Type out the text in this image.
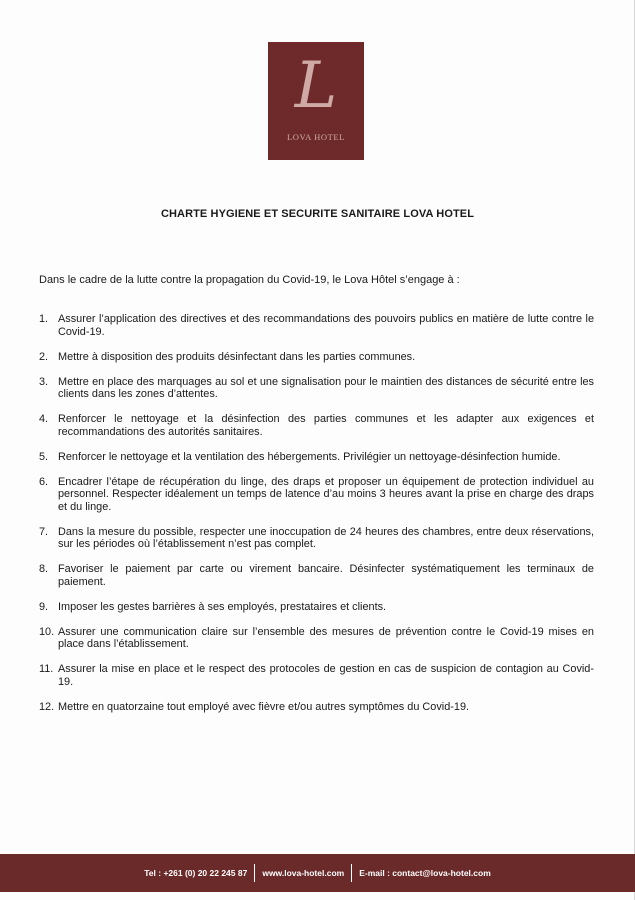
L
LOVA HOTEL
CHARTE HYGIENE ET SECURITE SANITAIRE LOVA HOTEL
Dans le cadre de la lutte contre la propagation du Covid-19, le Lova Hôtel s’engage à :
1. Assurer l’application des directives et des recommandations des pouvoirs publics en matière de lutte contre le Covid-19.
2. Mettre à disposition des produits désinfectant dans les parties communes.
3. Mettre en place des marquages au sol et une signalisation pour le maintien des distances de sécurité entre les clients dans les zones d’attentes.
4. Renforcer le nettoyage et la désinfection des parties communes et les adapter aux exigences et recommandations des autorités sanitaires.
5. Renforcer le nettoyage et la ventilation des hébergements. Privilégier un nettoyage-désinfection humide.
6. Encadrer l’étape de récupération du linge, des draps et proposer un équipement de protection individuel au personnel. Respecter idéalement un temps de latence d’au moins 3 heures avant la prise en charge des draps et du linge.
7. Dans la mesure du possible, respecter une inoccupation de 24 heures des chambres, entre deux réservations, sur les périodes où l’établissement n’est pas complet.
8. Favoriser le paiement par carte ou virement bancaire. Désinfecter systématiquement les terminaux de paiement.
9. Imposer les gestes barrières à ses employés, prestataires et clients.
10. Assurer une communication claire sur l’ensemble des mesures de prévention contre le Covid-19 mises en place dans l’établissement.
11. Assurer la mise en place et le respect des protocoles de gestion en cas de suspicion de contagion au Covid-19.
12. Mettre en quatorzaine tout employé avec fièvre et/ou autres symptômes du Covid-19.
Tel : +261 (0) 20 22 245 87 www.lova-hotel.com E-mail : contact@lova-hotel.com
